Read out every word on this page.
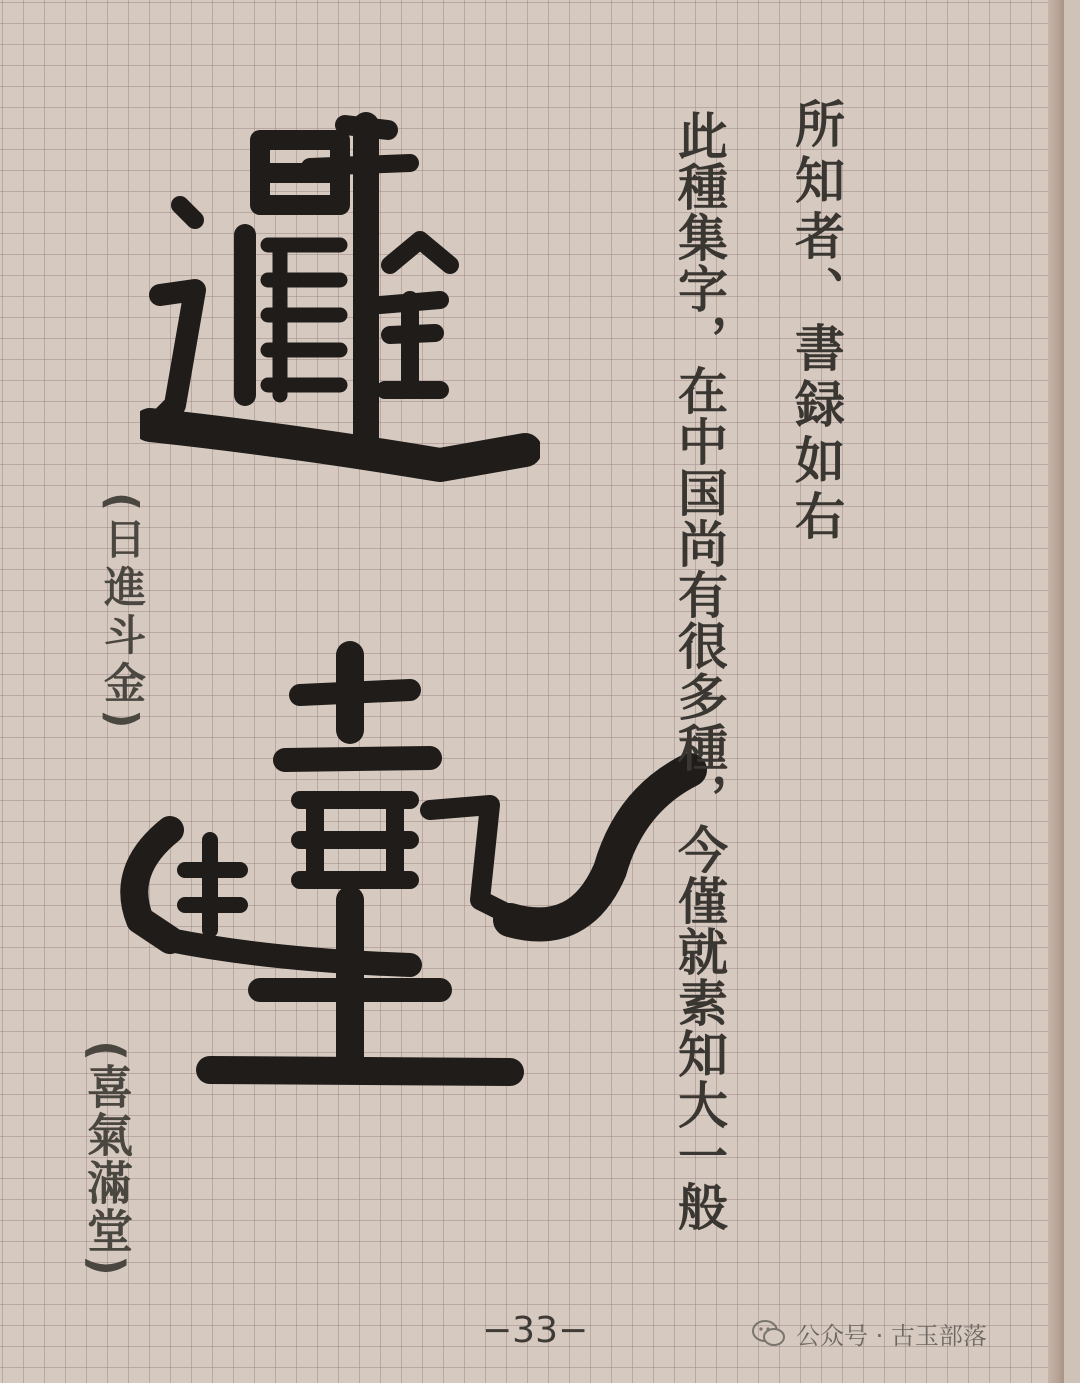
(日進斗金)
(喜氣滿堂)
所知者、書録如右
此種集字，在中国尚有很多種，今僅就素知大一般
−33−	公众号 · 古玉部落
